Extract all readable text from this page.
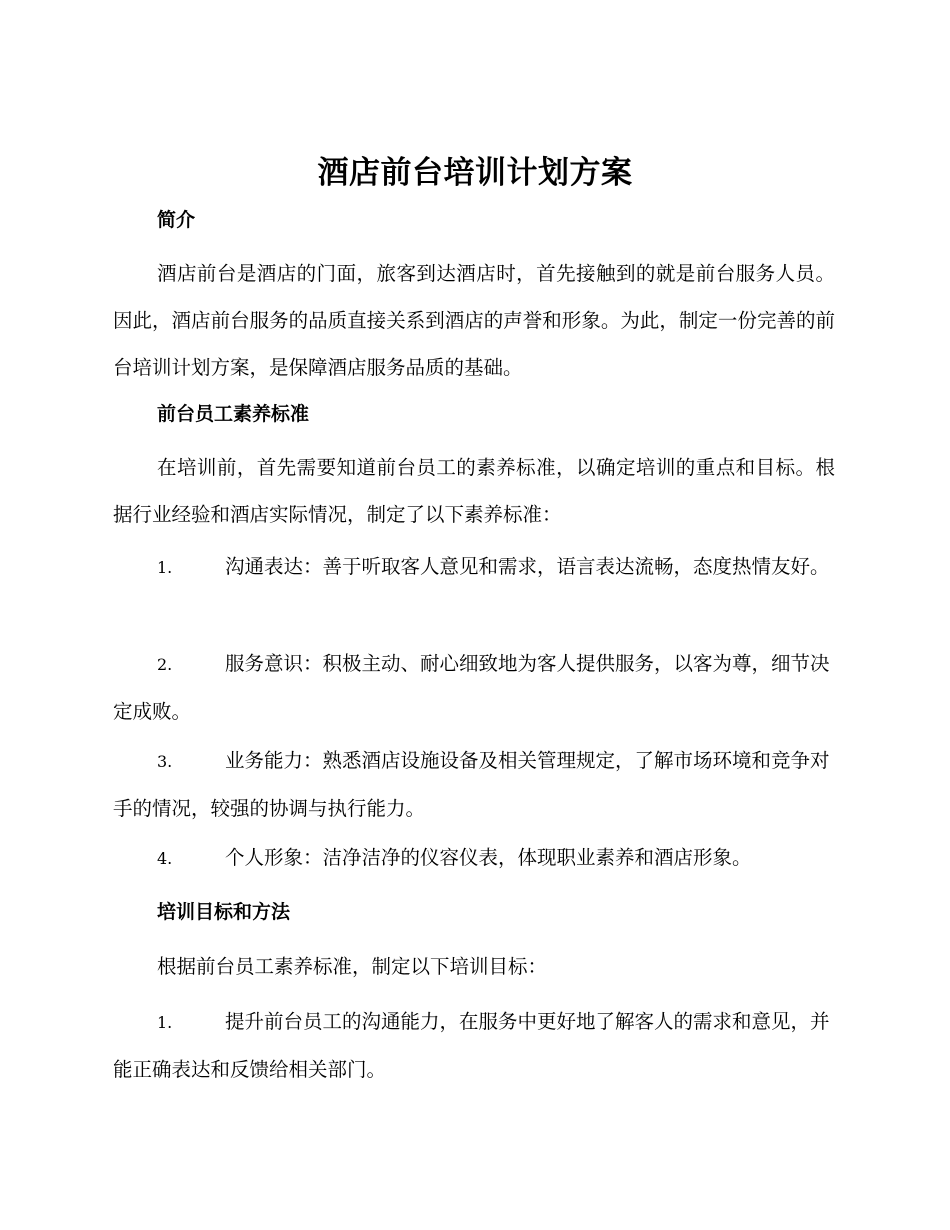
酒店前台培训计划方案
简介

酒店前台是酒店的门面，旅客到达酒店时，首先接触到的就是前台服务人员。因此，酒店前台服务的品质直接关系到酒店的声誉和形象。为此，制定一份完善的前台培训计划方案，是保障酒店服务品质的基础。

前台员工素养标准

在培训前，首先需要知道前台员工的素养标准，以确定培训的重点和目标。根据行业经验和酒店实际情况，制定了以下素养标准：

1.	沟通表达：善于听取客人意见和需求，语言表达流畅，态度热情友好。

2.	服务意识：积极主动、耐心细致地为客人提供服务，以客为尊，细节决定成败。

3.	业务能力：熟悉酒店设施设备及相关管理规定，了解市场环境和竞争对手的情况，较强的协调与执行能力。

4.	个人形象：洁净洁净的仪容仪表，体现职业素养和酒店形象。

培训目标和方法

根据前台员工素养标准，制定以下培训目标：

1.	提升前台员工的沟通能力，在服务中更好地了解客人的需求和意见，并能正确表达和反馈给相关部门。
